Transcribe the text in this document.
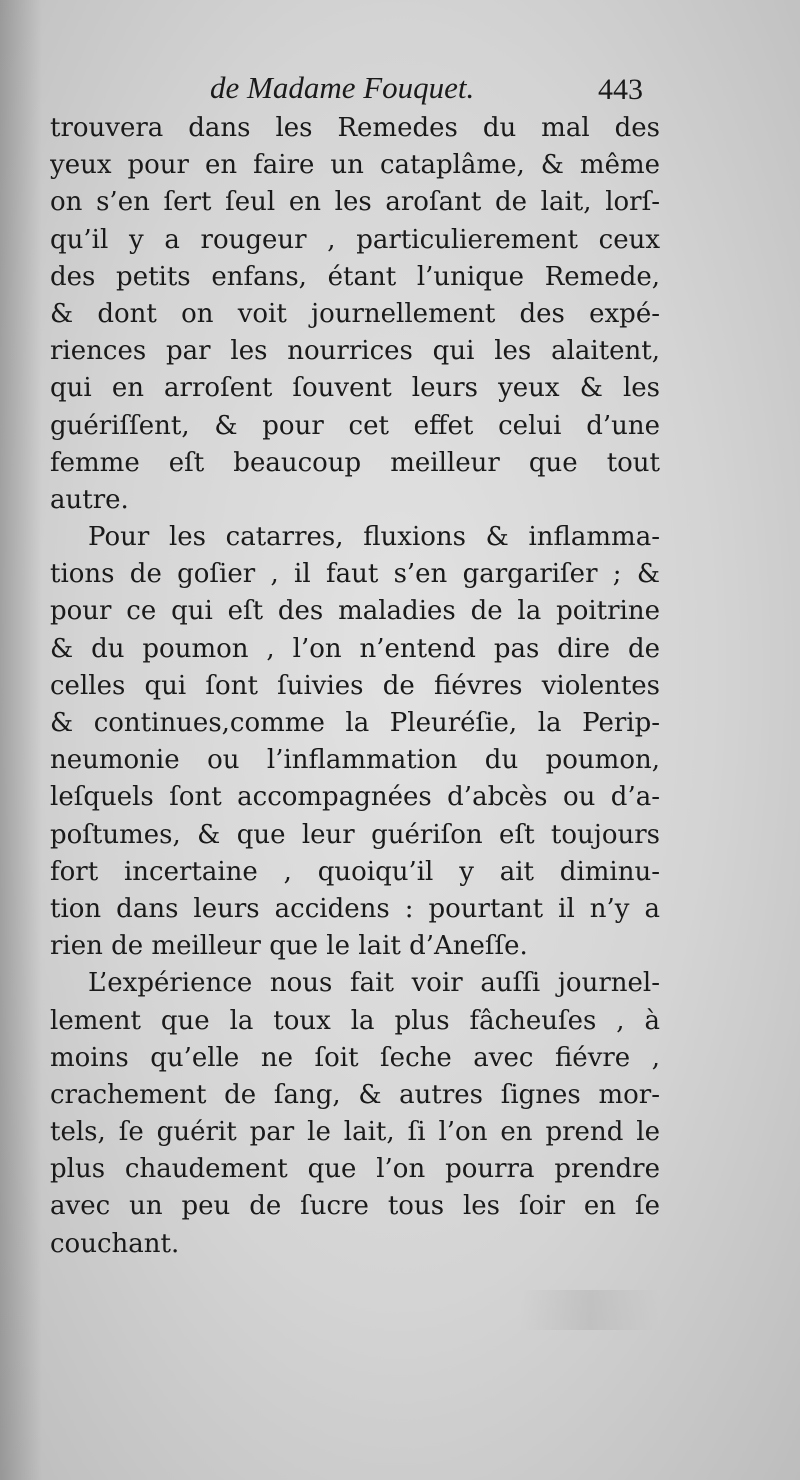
de Madame Fouquet.	443
trouvera dans les Remedes du mal des
yeux pour en faire un cataplâme, & même
on s’en ſert ſeul en les aroſant de lait, lorſ-
qu’il y a rougeur , particulierement ceux
des petits enfans, étant l’unique Remede,
& dont on voit journellement des expé-
riences par les nourrices qui les alaitent,
qui en arroſent ſouvent leurs yeux & les
guériſſent, & pour cet effet celui d’une
femme eſt beaucoup meilleur que tout
autre.
Pour les catarres, fluxions & inflamma-
tions de goſier , il faut s’en gargariſer ; &
pour ce qui eſt des maladies de la poitrine
& du poumon , l’on n’entend pas dire de
celles qui ſont ſuivies de fiévres violentes
& continues,comme la Pleuréſie, la Perip-
neumonie ou l’inflammation du poumon,
leſquels ſont accompagnées d’abcès ou d’a-
poſtumes, & que leur guériſon eſt toujours
fort incertaine , quoiqu’il y ait diminu-
tion dans leurs accidens : pourtant il n’y a
rien de meilleur que le lait d’Aneſſe.
L’expérience nous fait voir auſſi journel-
lement que la toux la plus fâcheuſes , à
moins qu’elle ne ſoit ſeche avec fiévre ,
crachement de ſang, & autres ſignes mor-
tels, ſe guérit par le lait, ſi l’on en prend le
plus chaudement que l’on pourra prendre
avec un peu de ſucre tous les ſoir en ſe
couchant.
